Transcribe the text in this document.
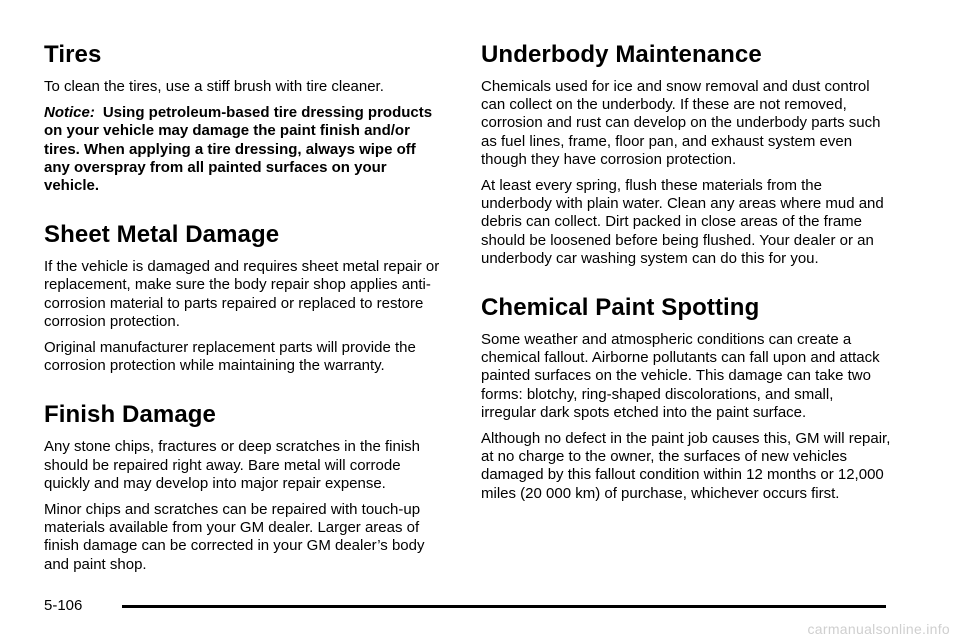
Tires

To clean the tires, use a stiff brush with tire cleaner.

Notice: Using petroleum-based tire dressing products on your vehicle may damage the paint finish and/or tires. When applying a tire dressing, always wipe off any overspray from all painted surfaces on your vehicle.

Sheet Metal Damage

If the vehicle is damaged and requires sheet metal repair or replacement, make sure the body repair shop applies anti-corrosion material to parts repaired or replaced to restore corrosion protection.

Original manufacturer replacement parts will provide the corrosion protection while maintaining the warranty.

Finish Damage

Any stone chips, fractures or deep scratches in the finish should be repaired right away. Bare metal will corrode quickly and may develop into major repair expense.

Minor chips and scratches can be repaired with touch-up materials available from your GM dealer. Larger areas of finish damage can be corrected in your GM dealer’s body and paint shop.

Underbody Maintenance

Chemicals used for ice and snow removal and dust control can collect on the underbody. If these are not removed, corrosion and rust can develop on the underbody parts such as fuel lines, frame, floor pan, and exhaust system even though they have corrosion protection.

At least every spring, flush these materials from the underbody with plain water. Clean any areas where mud and debris can collect. Dirt packed in close areas of the frame should be loosened before being flushed. Your dealer or an underbody car washing system can do this for you.

Chemical Paint Spotting

Some weather and atmospheric conditions can create a chemical fallout. Airborne pollutants can fall upon and attack painted surfaces on the vehicle. This damage can take two forms: blotchy, ring-shaped discolorations, and small, irregular dark spots etched into the paint surface.

Although no defect in the paint job causes this, GM will repair, at no charge to the owner, the surfaces of new vehicles damaged by this fallout condition within 12 months or 12,000 miles (20 000 km) of purchase, whichever occurs first.

5-106
carmanualsonline.info
